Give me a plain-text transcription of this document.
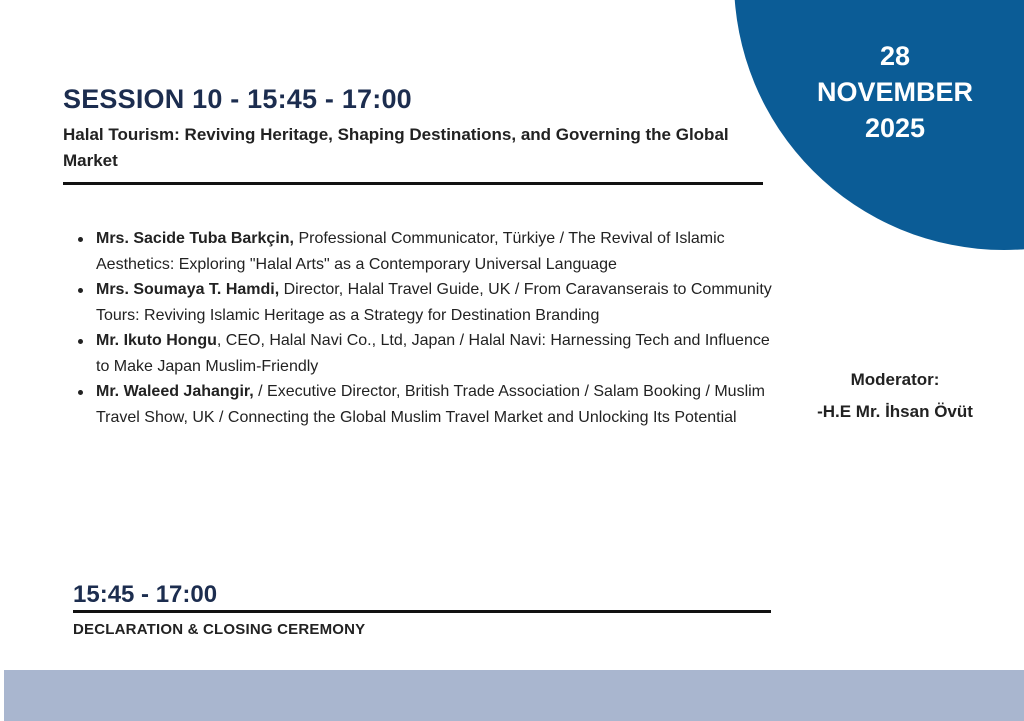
28
NOVEMBER
2025
SESSION 10 - 15:45 - 17:00

Halal Tourism: Reviving Heritage, Shaping Destinations, and Governing the Global Market

Mrs. Sacide Tuba Barkçin, Professional Communicator, Türkiye / The Revival of Islamic Aesthetics: Exploring "Halal Arts" as a Contemporary Universal Language
Mrs. Soumaya T. Hamdi, Director, Halal Travel Guide, UK / From Caravanserais to Community Tours: Reviving Islamic Heritage as a Strategy for Destination Branding
Mr. Ikuto Hongu, CEO, Halal Navi Co., Ltd, Japan / Halal Navi: Harnessing Tech and Influence to Make Japan Muslim-Friendly
Mr. Waleed Jahangir, / Executive Director, British Trade Association / Salam Booking / Muslim Travel Show, UK / Connecting the Global Muslim Travel Market and Unlocking Its Potential
Moderator:
-H.E Mr. İhsan Övüt
15:45 - 17:00
DECLARATION & CLOSING CEREMONY
